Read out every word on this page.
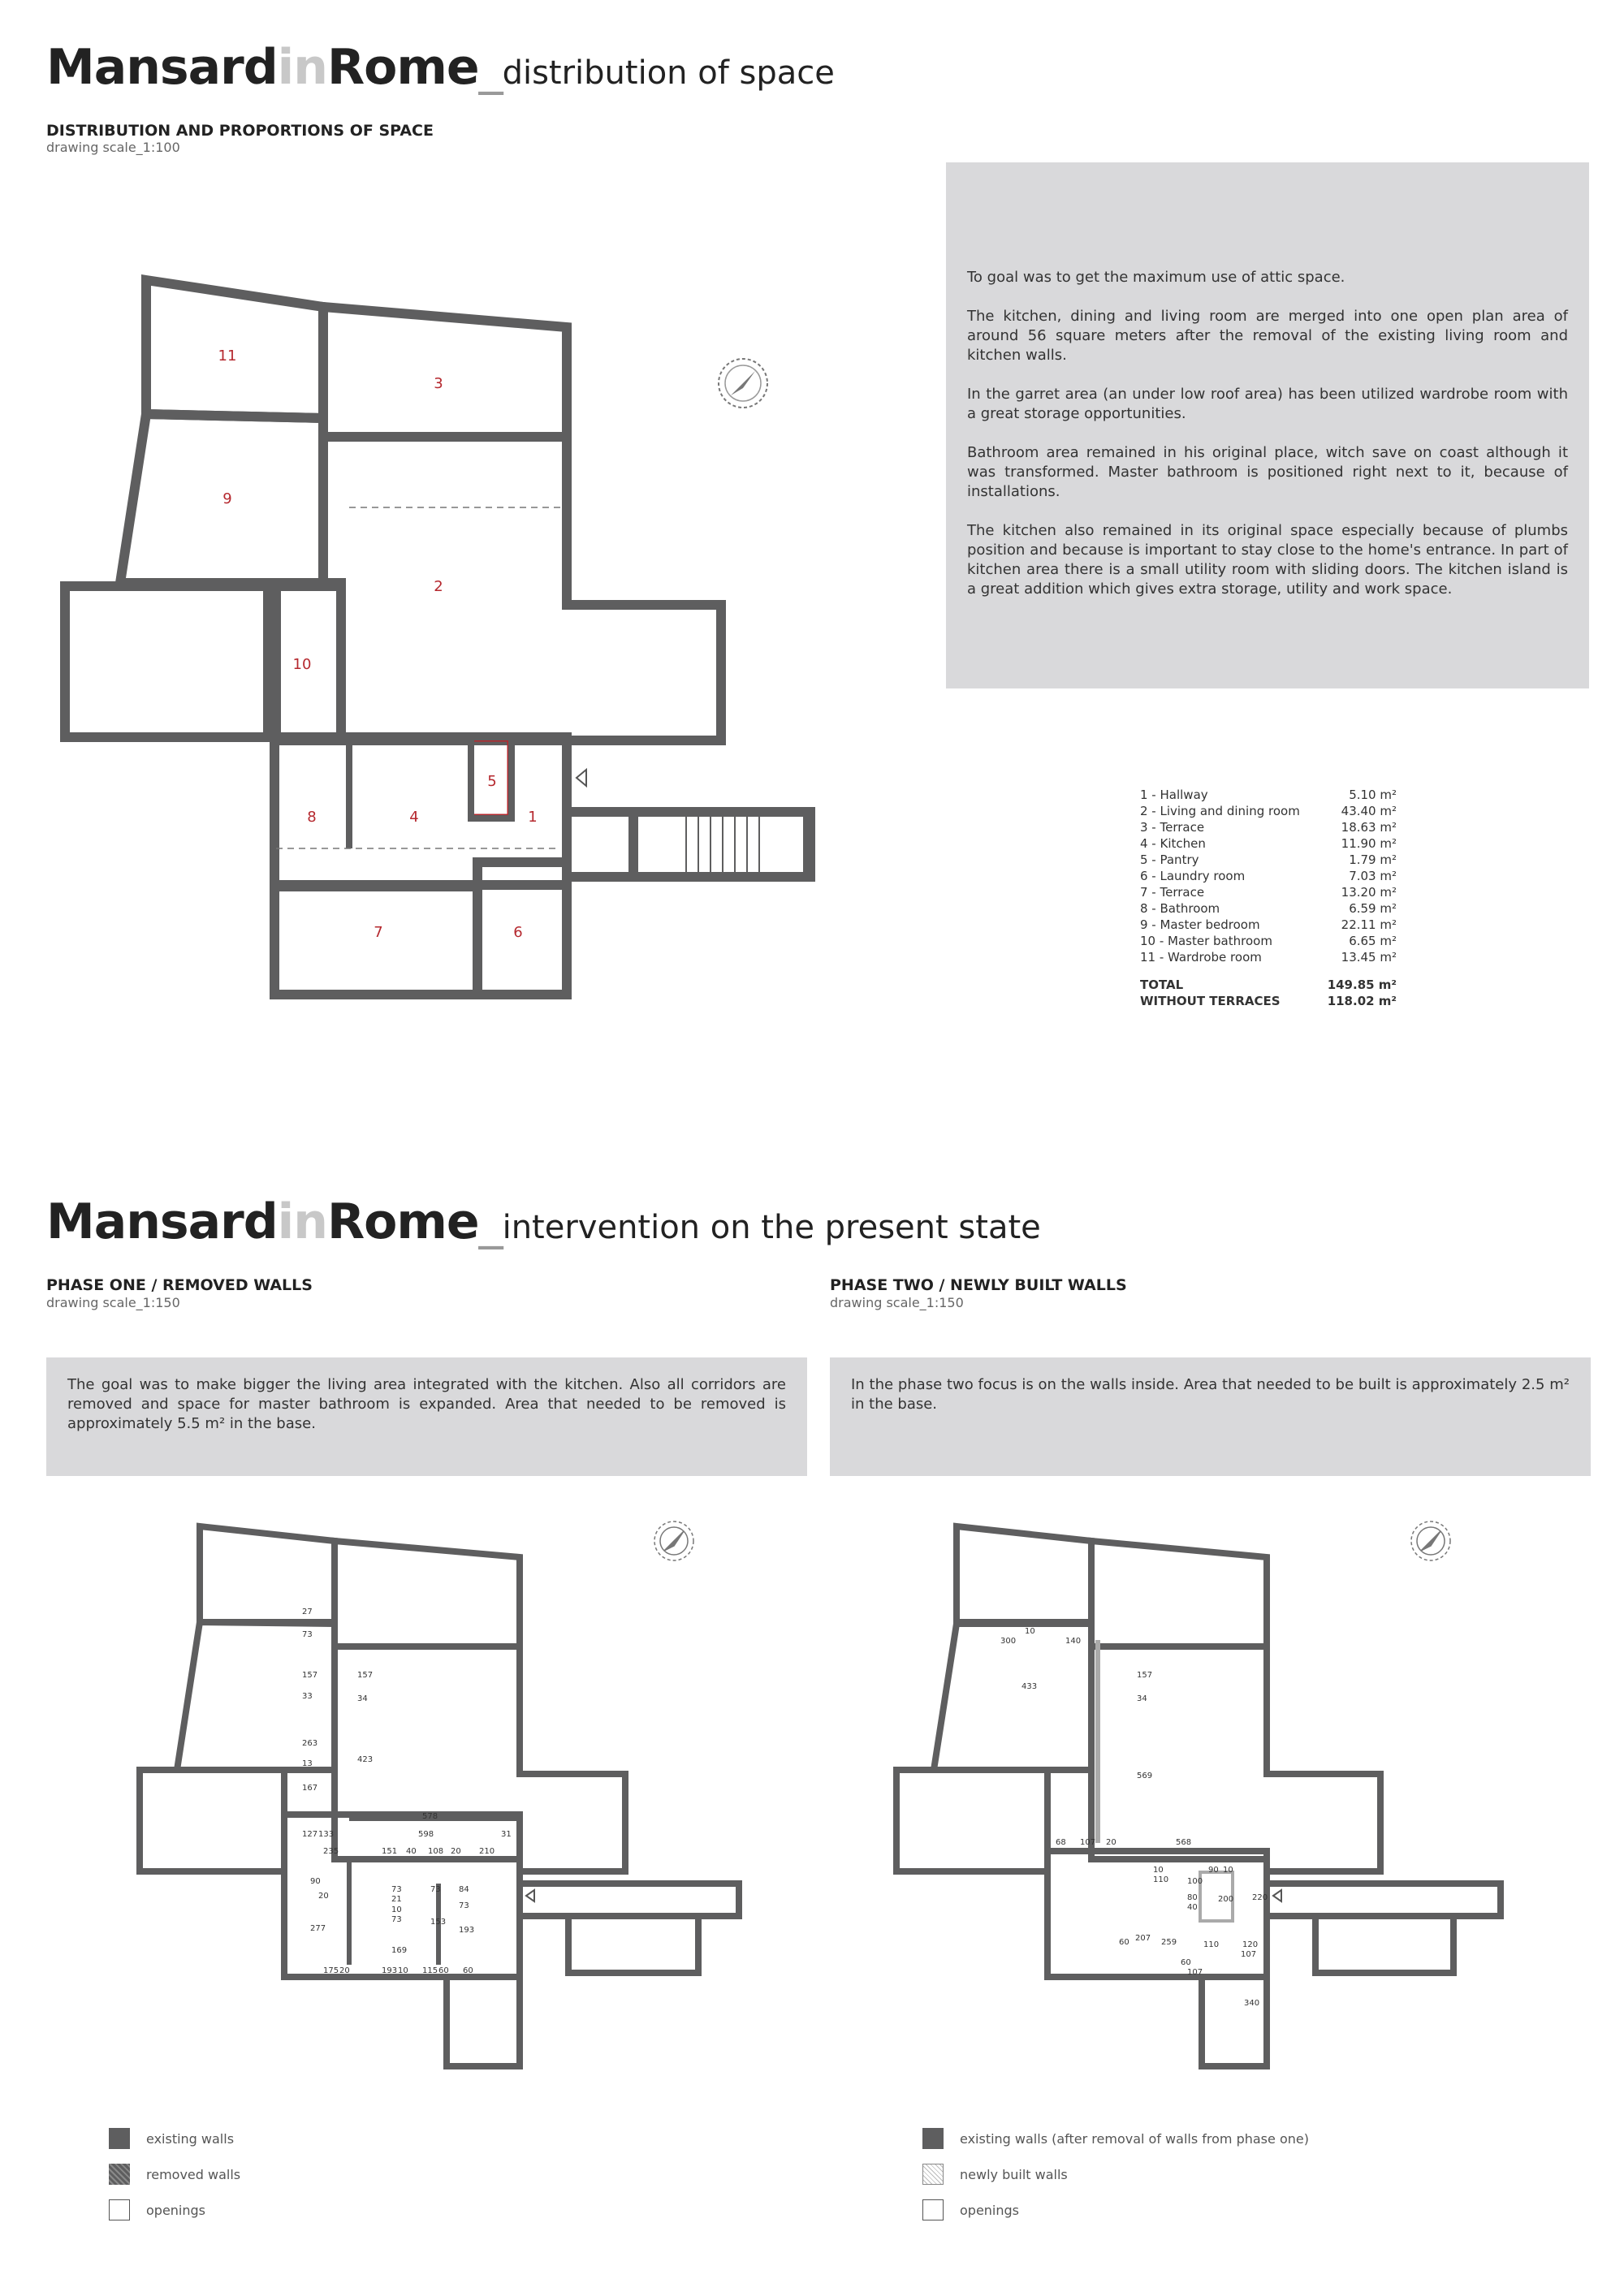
MansardinRome_distribution of space
DISTRIBUTION AND PROPORTIONS OF SPACE
drawing scale_1:100

To goal was to get the maximum use of attic space.

The kitchen, dining and living room are merged into one open plan area of around 56 square meters after the removal of the existing living room and kitchen walls.

In the garret area (an under low roof area) has been utilized wardrobe room with a great storage opportunities.

Bathroom area remained in his original place, witch save on coast although it was transformed. Master bathroom is positioned right next to it, because of installations.

The kitchen also remained in its original space especially because of plumbs position and because is important to stay close to the home's entrance. In part of kitchen area there is a small utility room with sliding doors. The kitchen island is a great addition which gives extra storage, utility and work space.

1 - Hallway	5.10 m²
2 - Living and dining room	43.40 m²
3 - Terrace	18.63 m²
4 - Kitchen	11.90 m²
5 - Pantry	1.79 m²
6 - Laundry room	7.03 m²
7 - Terrace	13.20 m²
8 - Bathroom	6.59 m²
9 - Master bedroom	22.11 m²
10 - Master bathroom	6.65 m²
11 - Wardrobe room	13.45 m²
TOTAL	149.85 m²
WITHOUT TERRACES	118.02 m²
1
2
3
4
5
6
7
8
9
10
11
MansardinRome_intervention on the present state
PHASE ONE / REMOVED WALLS
drawing scale_1:150
The goal was to make bigger the living area integrated with the kitchen. Also all corridors are removed and space for master bathroom is expanded. Area that needed to be removed is approximately 5.5 m² in the base.
PHASE TWO / NEWLY BUILT WALLS
drawing scale_1:150
In the phase two focus is on the walls inside. Area that needed to be built is approximately 2.5 m² in the base.
27
73
157
33
263
13
167
127 133	598	31
235	151 40 108 20 210
157
34
423
578
90
20
277
73
21
10
73
73
169
153
84
73
193
175 20	193 10 115 60 60
300
10
140
433
157
34
569
68 107 20	568
100
90 10
200 220
10
110
80
40
60 207 259	110	120
107
60
107
340
existing walls
removed walls
openings
existing walls (after removal of walls from phase one)
newly built walls
openings
